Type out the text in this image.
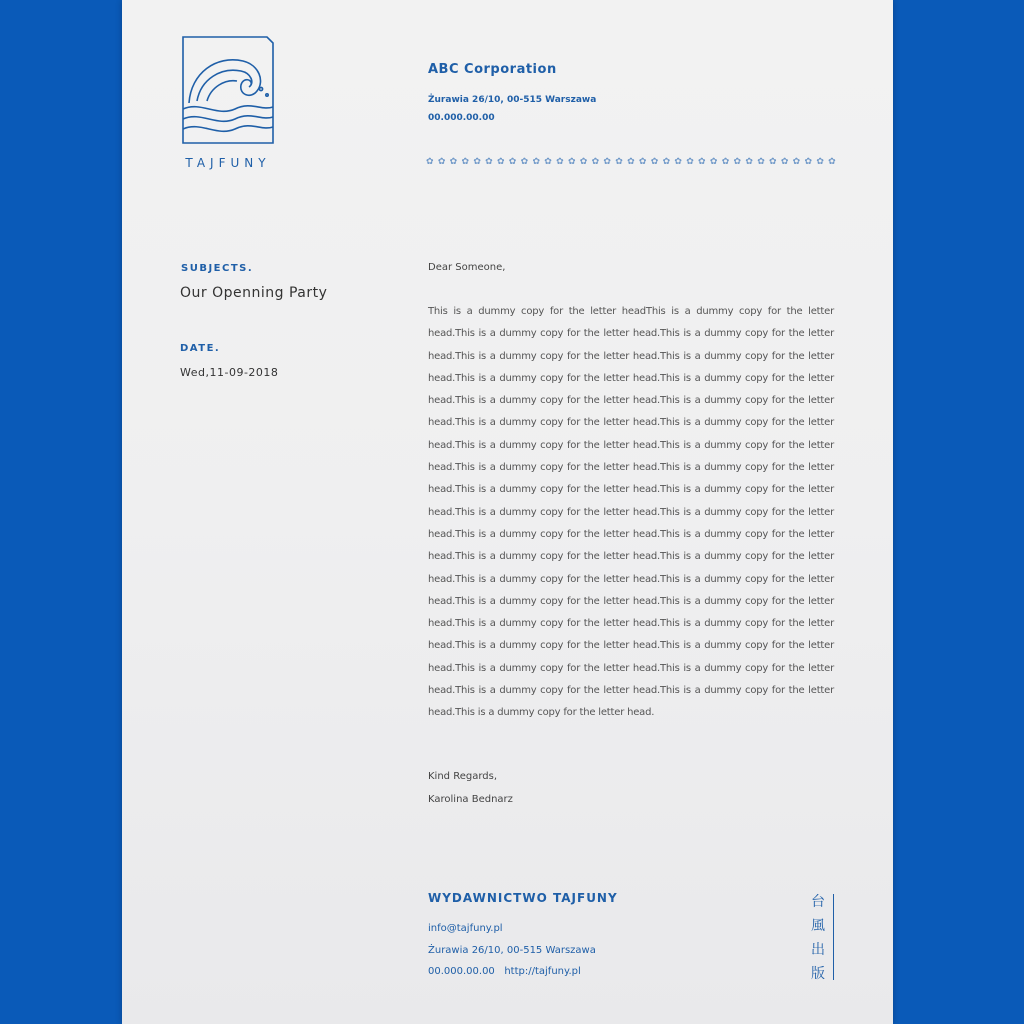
TAJFUNY
ABC Corporation
Żurawia 26/10, 00-515 Warszawa
00.000.00.00
✿ ✿ ✿ ✿ ✿ ✿ ✿ ✿ ✿ ✿ ✿ ✿ ✿ ✿ ✿ ✿ ✿ ✿ ✿ ✿ ✿ ✿ ✿ ✿ ✿ ✿ ✿ ✿ ✿ ✿ ✿ ✿ ✿ ✿ ✿
SUBJECTS.
Our Openning Party
DATE.
Wed,11-09-2018
Dear Someone,
This is a dummy copy for the letter headThis is a dummy copy for the letter head.This is a dummy copy for the letter head.This is a dummy copy for the letter head.This is a dummy copy for the letter head.This is a dummy copy for the letter head.This is a dummy copy for the letter head.This is a dummy copy for the letter head.This is a dummy copy for the letter head.This is a dummy copy for the letter head.This is a dummy copy for the letter head.This is a dummy copy for the letter head.This is a dummy copy for the letter head.This is a dummy copy for the letter head.This is a dummy copy for the letter head.This is a dummy copy for the letter head.This is a dummy copy for the letter head.This is a dummy copy for the letter head.This is a dummy copy for the letter head.This is a dummy copy for the letter head.This is a dummy copy for the letter head.This is a dummy copy for the letter head.This is a dummy copy for the letter head.This is a dummy copy for the letter head.This is a dummy copy for the letter head.This is a dummy copy for the letter head.This is a dummy copy for the letter head.This is a dummy copy for the letter head.This is a dummy copy for the letter head.This is a dummy copy for the letter head.This is a dummy copy for the letter head.This is a dummy copy for the letter head.This is a dummy copy for the letter head.This is a dummy copy for the letter head.This is a dummy copy for the letter head.This is a dummy copy for the letter head.This is a dummy copy for the letter head.
Kind Regards,
Karolina Bednarz
WYDAWNICTWO TAJFUNY
info@tajfuny.pl
Żurawia 26/10, 00-515 Warszawa
00.000.00.00 http://tajfuny.pl
台
風
出
版
